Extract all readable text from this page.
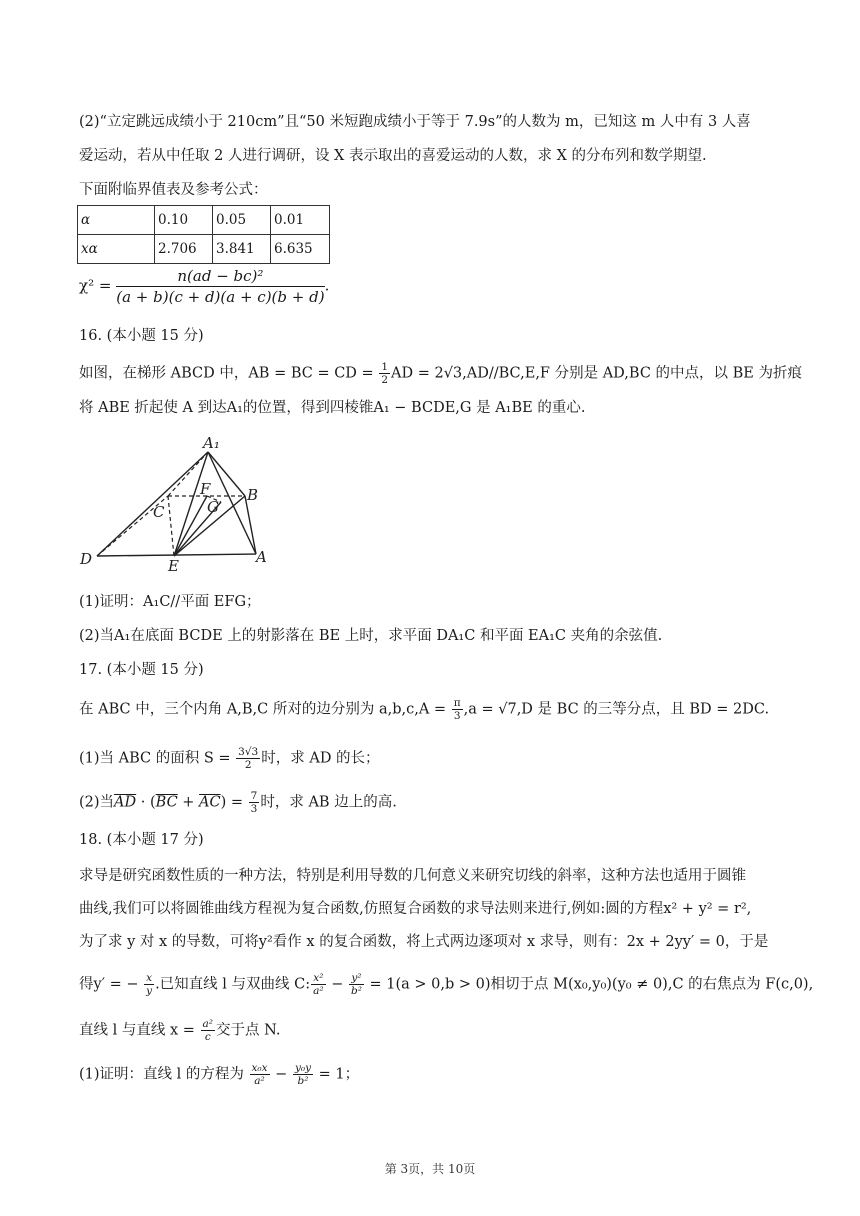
(2)“立定跳远成绩小于 210cm”且“50 米短跑成绩小于等于 7.9s”的人数为 m，已知这 m 人中有 3 人喜
爱运动，若从中任取 2 人进行调研，设 X 表示取出的喜爱运动的人数，求 X 的分布列和数学期望.
下面附临界值表及参考公式：
α	0.10	0.05	0.01
xα	2.706	3.841	6.635
$\chi^2 = \frac{\text{n(ad − bc)²}}{(a + b)(c + d)(a + c)(b + d)}$.
16. (本小题 15 分)
如图，在梯形 ABCD 中，AB = BC = CD = $\frac{1}{2}$ AD = 2√3,AD//BC,E,F 分别是 AD,BC 的中点，以 BE 为折痕
将 ABE 折起使 A 到达A₁的位置，得到四棱锥A₁ − BCDE,G 是 A₁BE 的重心.
A₁
B
C
D	E
F
G
A
(1)证明：A₁C//平面 EFG；
(2)当A₁在底面 BCDE 上的射影落在 BE 上时，求平面 DA₁C 和平面 EA₁C 夹角的余弦值.
17. (本小题 15 分)
在 ABC 中，三个内角 A,B,C 所对的边分别为 $a,b,c,A = \frac{\pi}{3} ,a = √7,D$ 是 BC 的三等分点，且 BD = 2DC.
(1)当 ABC 的面积 $S = \frac{3√3}{2}$ 时，求 AD 的长；
(2)当$\overline{AD} \cdot (\overline{BC} + \overline{AC}) = \frac{7}{3}$ 时，求 AB 边上的高.
18. (本小题 17 分)
求导是研究函数性质的一种方法，特别是利用导数的几何意义来研究切线的斜率，这种方法也适用于圆锥
曲线,我们可以将圆锥曲线方程视为复合函数,仿照复合函数的求导法则来进行,例如:圆的方程x² + y² = r²,
为了求 y 对 x 的导数，可将y²看作 x 的复合函数，将上式两边逐项对 x 求导，则有：2x + 2yy′ = 0，于是
得y′ = − $\frac{x}{y}$ .已知直线 l 与双曲线 C: $\frac{\text{x²}}{\text{a²}} - \frac{\text{y²}}{\text{b²}} = 1(a > 0,b > 0)$相切于点 M(x₀,y₀)(y₀ ≠ 0),C 的右焦点为 F(c,0),
直线 l 与直线 $x = \frac{\text{a²}}{c}$ 交于点 N.
(1)证明：直线 l 的方程为 $\frac{\text{x₀x}}{\text{a²}} - \frac{\text{y₀y}}{\text{b²}} = 1$；
第 3页，共 10页
